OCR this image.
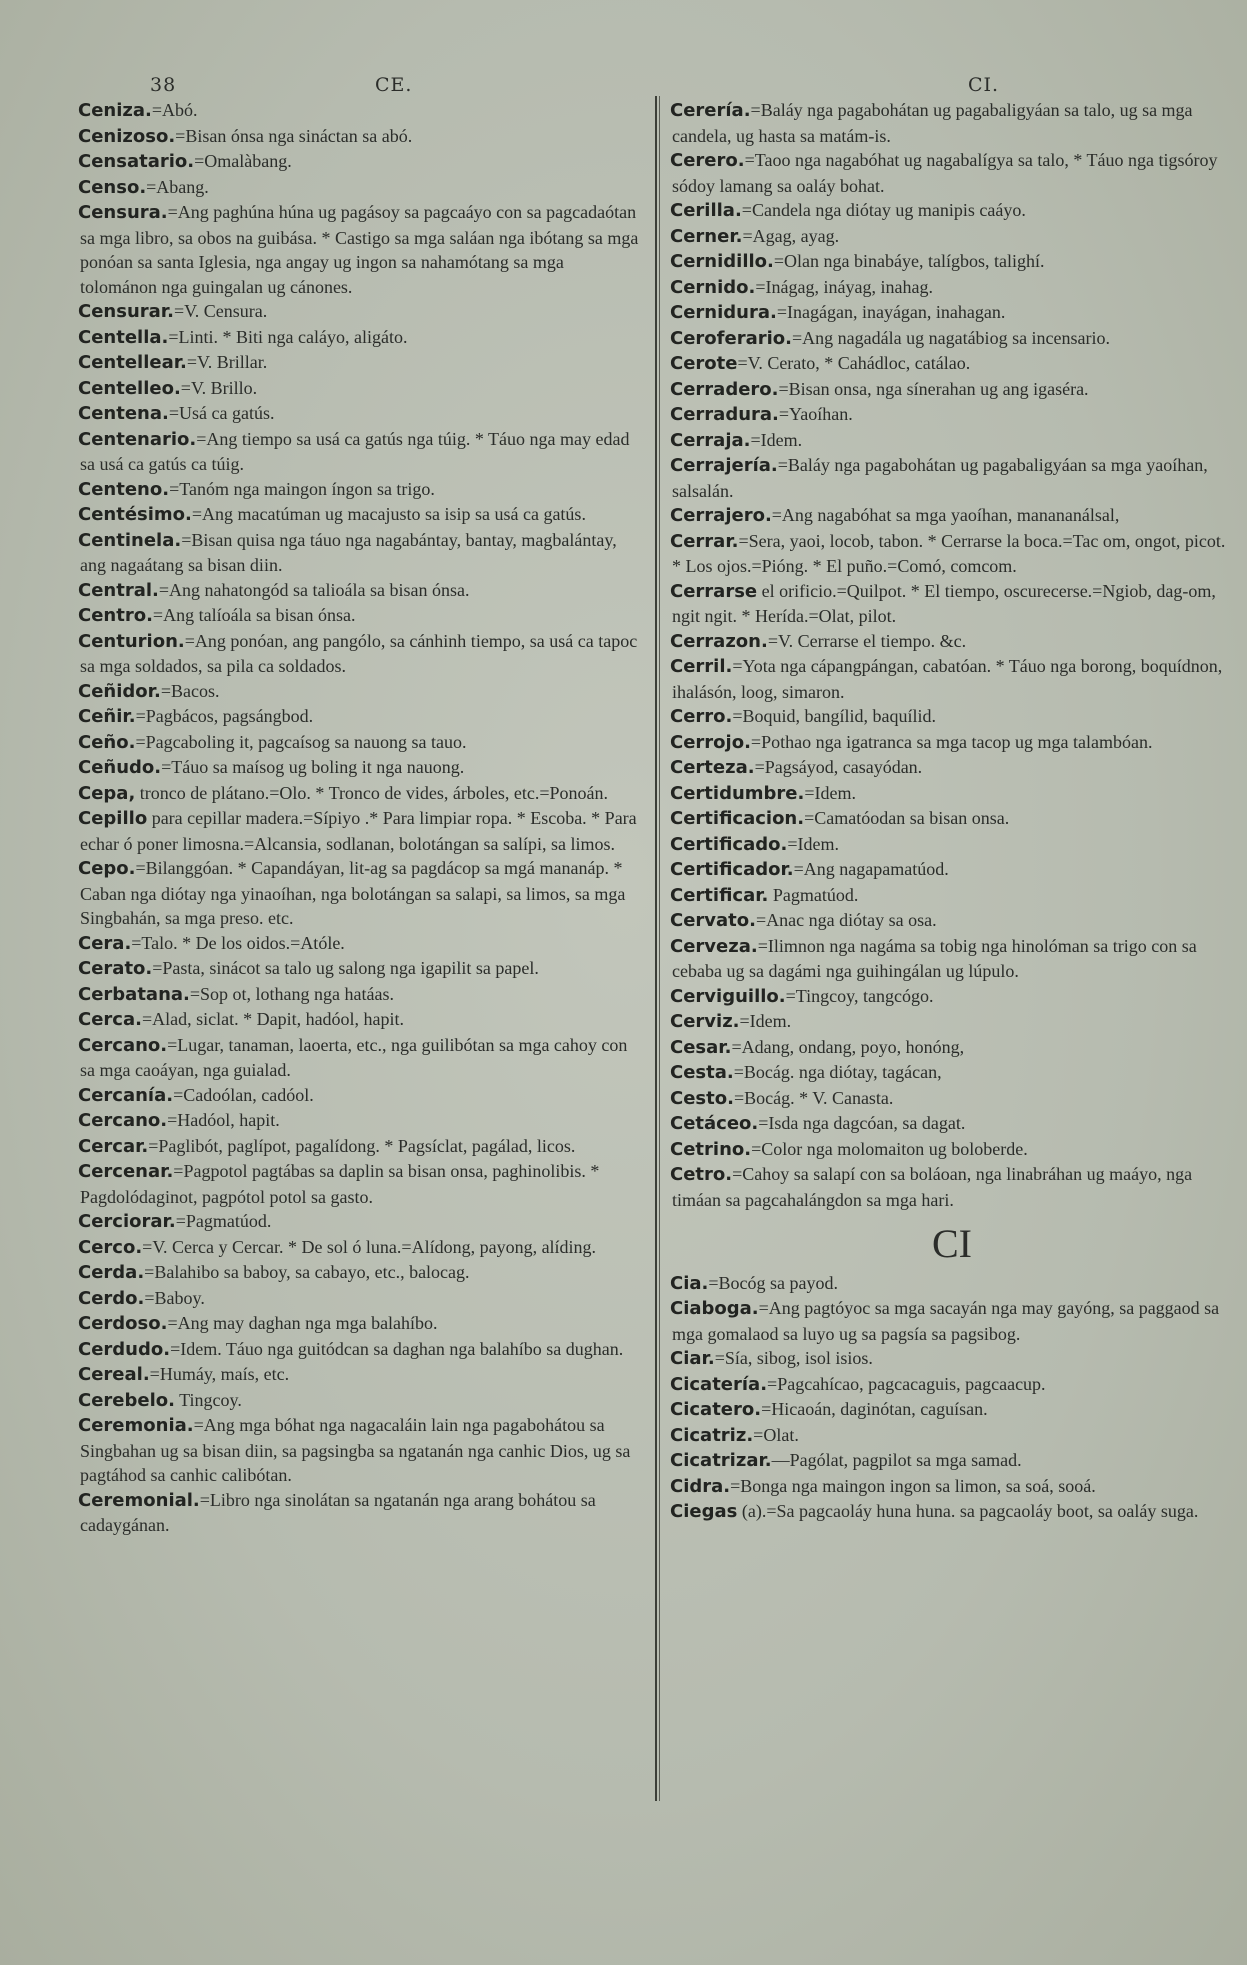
38	CE.	CI.

Ceniza.=Abó.

Cenizoso.=Bisan ónsa nga sináctan sa abó.

Censatario.=Omalàbang.

Censo.=Abang.

Censura.=Ang paghúna húna ug pagásoy sa pagcaáyo con sa pagcadaótan sa mga libro, sa obos na guibása. * Castigo sa mga saláan nga ibótang sa mga ponóan sa santa Iglesia, nga angay ug ingon sa nahamótang sa mga tolománon nga guingalan ug cánones.

Censurar.=V. Censura.

Centella.=Linti. * Biti nga caláyo, aligáto.

Centellear.=V. Brillar.

Centelleo.=V. Brillo.

Centena.=Usá ca gatús.

Centenario.=Ang tiempo sa usá ca gatús nga túig. * Táuo nga may edad sa usá ca gatús ca túig.

Centeno.=Tanóm nga maingon íngon sa trigo.

Centésimo.=Ang macatúman ug macajusto sa isip sa usá ca gatús.

Centinela.=Bisan quisa nga táuo nga nagabántay, bantay, magbalántay, ang nagaátang sa bisan diin.

Central.=Ang nahatongód sa talioála sa bisan ónsa.

Centro.=Ang talíoála sa bisan ónsa.

Centurion.=Ang ponóan, ang pangólo, sa cánhinh tiempo, sa usá ca tapoc sa mga soldados, sa pila ca soldados.

Ceñidor.=Bacos.

Ceñir.=Pagbácos, pagsángbod.

Ceño.=Pagcaboling it, pagcaísog sa nauong sa tauo.

Ceñudo.=Táuo sa maísog ug boling it nga nauong.

Cepa, tronco de plátano.=Olo. * Tronco de vides, árboles, etc.=Ponoán.

Cepillo para cepillar madera.=Sípiyo .* Para limpiar ropa. * Escoba. * Para echar ó poner limosna.=Alcansia, sodlanan, bolotángan sa salípi, sa limos.

Cepo.=Bilanggóan. * Capandáyan, lit-ag sa pagdácop sa mgá mananáp. * Caban nga diótay nga yinaoíhan, nga bolotángan sa salapi, sa limos, sa mga Singbahán, sa mga preso. etc.

Cera.=Talo. * De los oidos.=Atóle.

Cerato.=Pasta, sinácot sa talo ug salong nga igapilit sa papel.

Cerbatana.=Sop ot, lothang nga hatáas.

Cerca.=Alad, siclat. * Dapit, hadóol, hapit.

Cercano.=Lugar, tanaman, laoerta, etc., nga guilibótan sa mga cahoy con sa mga caoáyan, nga guialad.

Cercanía.=Cadoólan, cadóol.

Cercano.=Hadóol, hapit.

Cercar.=Paglibót, paglípot, pagalídong. * Pagsíclat, pagálad, licos.

Cercenar.=Pagpotol pagtábas sa daplin sa bisan onsa, paghinolibis. * Pagdolódaginot, pagpótol potol sa gasto.

Cerciorar.=Pagmatúod.

Cerco.=V. Cerca y Cercar. * De sol ó luna.=Alídong, payong, alíding.

Cerda.=Balahibo sa baboy, sa cabayo, etc., balocag.

Cerdo.=Baboy.

Cerdoso.=Ang may daghan nga mga balahíbo.

Cerdudo.=Idem. Táuo nga guitódcan sa daghan nga balahíbo sa dughan.

Cereal.=Humáy, maís, etc.

Cerebelo. Tingcoy.

Ceremonia.=Ang mga bóhat nga nagacaláin lain nga pagabohátou sa Singbahan ug sa bisan diin, sa pagsingba sa ngatanán nga canhic Dios, ug sa pagtáhod sa canhic calibótan.

Ceremonial.=Libro nga sinolátan sa ngatanán nga arang bohátou sa cadaygánan.

Cerería.=Baláy nga pagabohátan ug pagabaligyáan sa talo, ug sa mga candela, ug hasta sa matám-is.

Cerero.=Taoo nga nagabóhat ug nagabalígya sa talo, * Táuo nga tigsóroy sódoy lamang sa oaláy bohat.

Cerilla.=Candela nga diótay ug manipis caáyo.

Cerner.=Agag, ayag.

Cernidillo.=Olan nga binabáye, talígbos, talighí.

Cernido.=Inágag, ináyag, inahag.

Cernidura.=Inagágan, inayágan, inahagan.

Ceroferario.=Ang nagadála ug nagatábiog sa incensario.

Cerote=V. Cerato, * Cahádloc, catálao.

Cerradero.=Bisan onsa, nga sínerahan ug ang igaséra.

Cerradura.=Yaoíhan.

Cerraja.=Idem.

Cerrajería.=Baláy nga pagabohátan ug pagabaligyáan sa mga yaoíhan, salsalán.

Cerrajero.=Ang nagabóhat sa mga yaoíhan, manananálsal,

Cerrar.=Sera, yaoi, locob, tabon. * Cerrarse la boca.=Tac om, ongot, picot. * Los ojos.=Pióng. * El puño.=Comó, comcom.

Cerrarse el orificio.=Quilpot. * El tiempo, oscurecerse.=Ngiob, dag-om, ngit ngit. * Herída.=Olat, pilot.

Cerrazon.=V. Cerrarse el tiempo. &c.

Cerril.=Yota nga cápangpángan, cabatóan. * Táuo nga borong, boquídnon, ihalásón, loog, simaron.

Cerro.=Boquid, bangílid, baquílid.

Cerrojo.=Pothao nga igatranca sa mga tacop ug mga talambóan.

Certeza.=Pagsáyod, casayódan.

Certidumbre.=Idem.

Certificacion.=Camatóodan sa bisan onsa.

Certificado.=Idem.

Certificador.=Ang nagapamatúod.

Certificar. Pagmatúod.

Cervato.=Anac nga diótay sa osa.

Cerveza.=Ilimnon nga nagáma sa tobig nga hinolóman sa trigo con sa cebaba ug sa dagámi nga guihingálan ug lúpulo.

Cerviguillo.=Tingcoy, tangcógo.

Cerviz.=Idem.

Cesar.=Adang, ondang, poyo, honóng,

Cesta.=Bocág. nga diótay, tagácan,

Cesto.=Bocág. * V. Canasta.

Cetáceo.=Isda nga dagcóan, sa dagat.

Cetrino.=Color nga molomaiton ug boloberde.

Cetro.=Cahoy sa salapí con sa boláoan, nga linabráhan ug maáyo, nga timáan sa pagcahalángdon sa mga hari.

CI

Cia.=Bocóg sa payod.

Ciaboga.=Ang pagtóyoc sa mga sacayán nga may gayóng, sa paggaod sa mga gomalaod sa luyo ug sa pagsía sa pagsibog.

Ciar.=Sía, sibog, isol isios.

Cicatería.=Pagcahícao, pagcacaguis, pagcaacup.

Cicatero.=Hicaoán, daginótan, caguísan.

Cicatriz.=Olat.

Cicatrizar.—Pagólat, pagpilot sa mga samad.

Cidra.=Bonga nga maingon ingon sa limon, sa soá, sooá.

Ciegas (a).=Sa pagcaoláy huna huna. sa pagcaoláy boot, sa oaláy suga.
